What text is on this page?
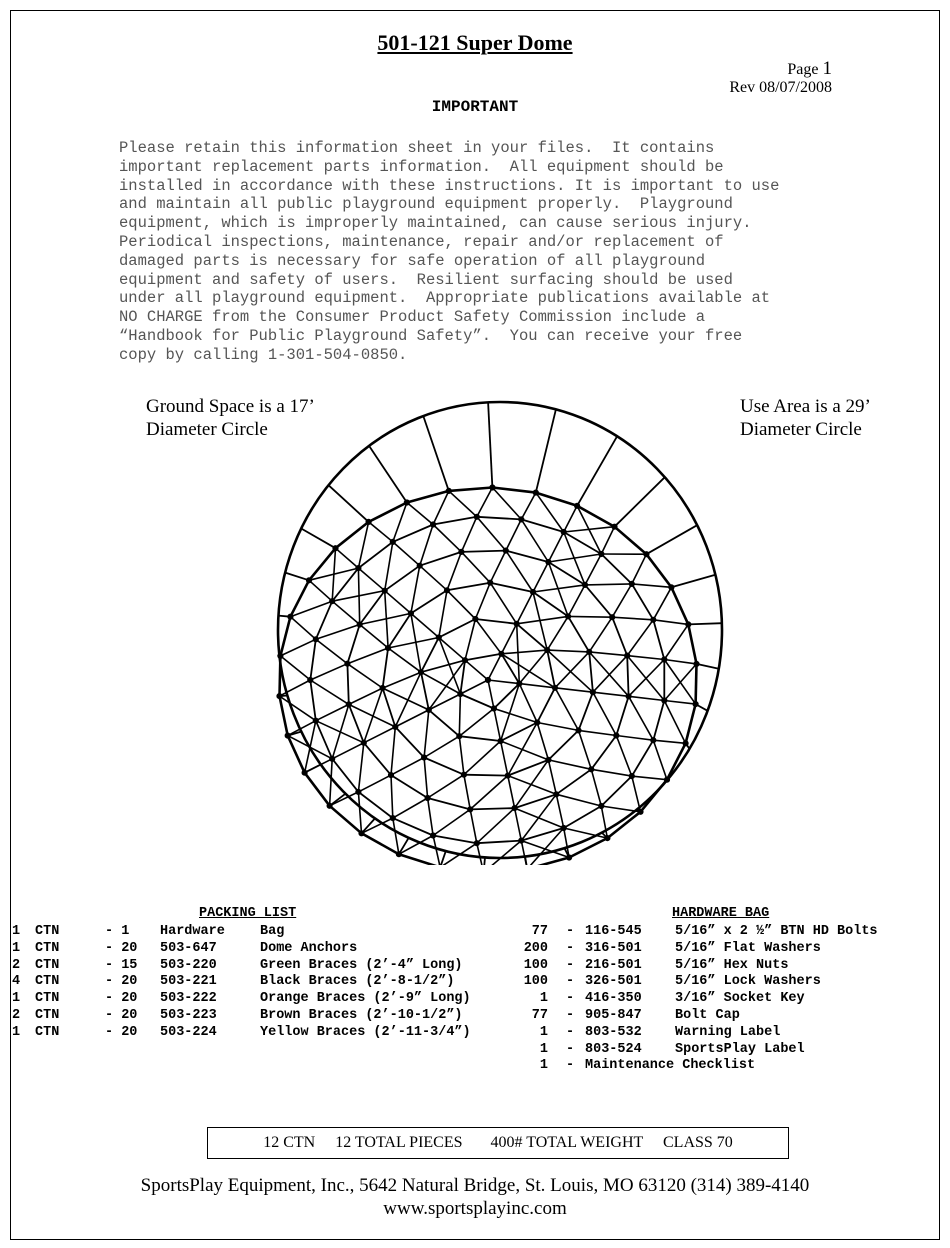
501-121 Super Dome
Page 1
Rev 08/07/2008
IMPORTANT
Please retain this information sheet in your files.  It contains
important replacement parts information.  All equipment should be
installed in accordance with these instructions. It is important to use
and maintain all public playground equipment properly.  Playground
equipment, which is improperly maintained, can cause serious injury.
Periodical inspections, maintenance, repair and/or replacement of
damaged parts is necessary for safe operation of all playground
equipment and safety of users.  Resilient surfacing should be used
under all playground equipment.  Appropriate publications available at
NO CHARGE from the Consumer Product Safety Commission include a
“Handbook for Public Playground Safety”.  You can receive your free
copy by calling 1-301-504-0850.
Ground Space is a 17’
Diameter Circle
Use Area is a 29’
Diameter Circle
PACKING LIST	HARDWARE BAG
1 CTN	- 1 Hardware	Bag
1 CTN	- 20 503-647	Dome Anchors
2 CTN	- 15 503-220	Green Braces (2’-4” Long)
4 CTN	- 20 503-221	Black Braces (2’-8-1/2”)
1 CTN	- 20 503-222	Orange Braces (2’-9” Long)
2 CTN	- 20 503-223	Brown Braces (2’-10-1/2”)
1 CTN	- 20 503-224	Yellow Braces (2’-11-3/4”)
77 - 116-545 5/16” x 2 ½” BTN HD Bolts
200 - 316-501 5/16” Flat Washers
100 - 216-501 5/16” Hex Nuts
100 - 326-501 5/16” Lock Washers
1 - 416-350 3/16” Socket Key
77 - 905-847 Bolt Cap
1 - 803-532 Warning Label
1 - 803-524 SportsPlay Label
1 - Maintenance Checklist
12 CTN     12 TOTAL PIECES       400# TOTAL WEIGHT     CLASS 70
SportsPlay Equipment, Inc., 5642 Natural Bridge, St. Louis, MO 63120 (314) 389-4140
www.sportsplayinc.com
